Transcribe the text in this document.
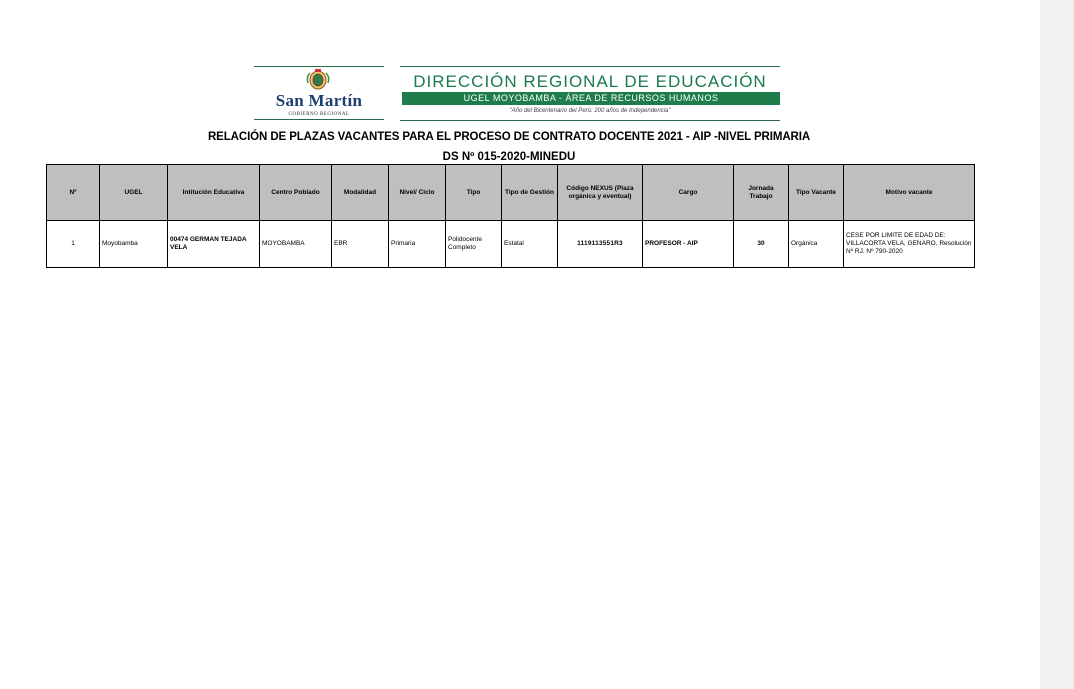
San Martín
GOBIERNO REGIONAL
DIRECCIÓN REGIONAL DE EDUCACIÓN
UGEL MOYOBAMBA - ÁREA DE RECURSOS HUMANOS
"Año del Bicentenario del Perú: 200 años de Independencia"
RELACIÓN DE PLAZAS VACANTES PARA EL PROCESO DE CONTRATO DOCENTE 2021 - AIP -NIVEL PRIMARIA
DS Nº 015-2020-MINEDU
Nº	UGEL	Intitución Educativa	Centro Poblado	Modalidad	Nivel/ Ciclo	Tipo	Tipo de Gestión	Código NEXUS (Plaza orgánica y eventual)	Cargo	Jornada Trabajo	Tipo Vacante	Motivo vacante
1	Moyobamba	00474 GERMAN TEJADA VELA	MOYOBAMBA	EBR	Primaria	Polidocente Completo	Estatal	1119113551R3	PROFESOR - AIP	30	Orgánica	CESE POR LIMITE DE EDAD DE: VILLACORTA VELA, GENARO, Resolución Nº RJ. Nº 790-2020
